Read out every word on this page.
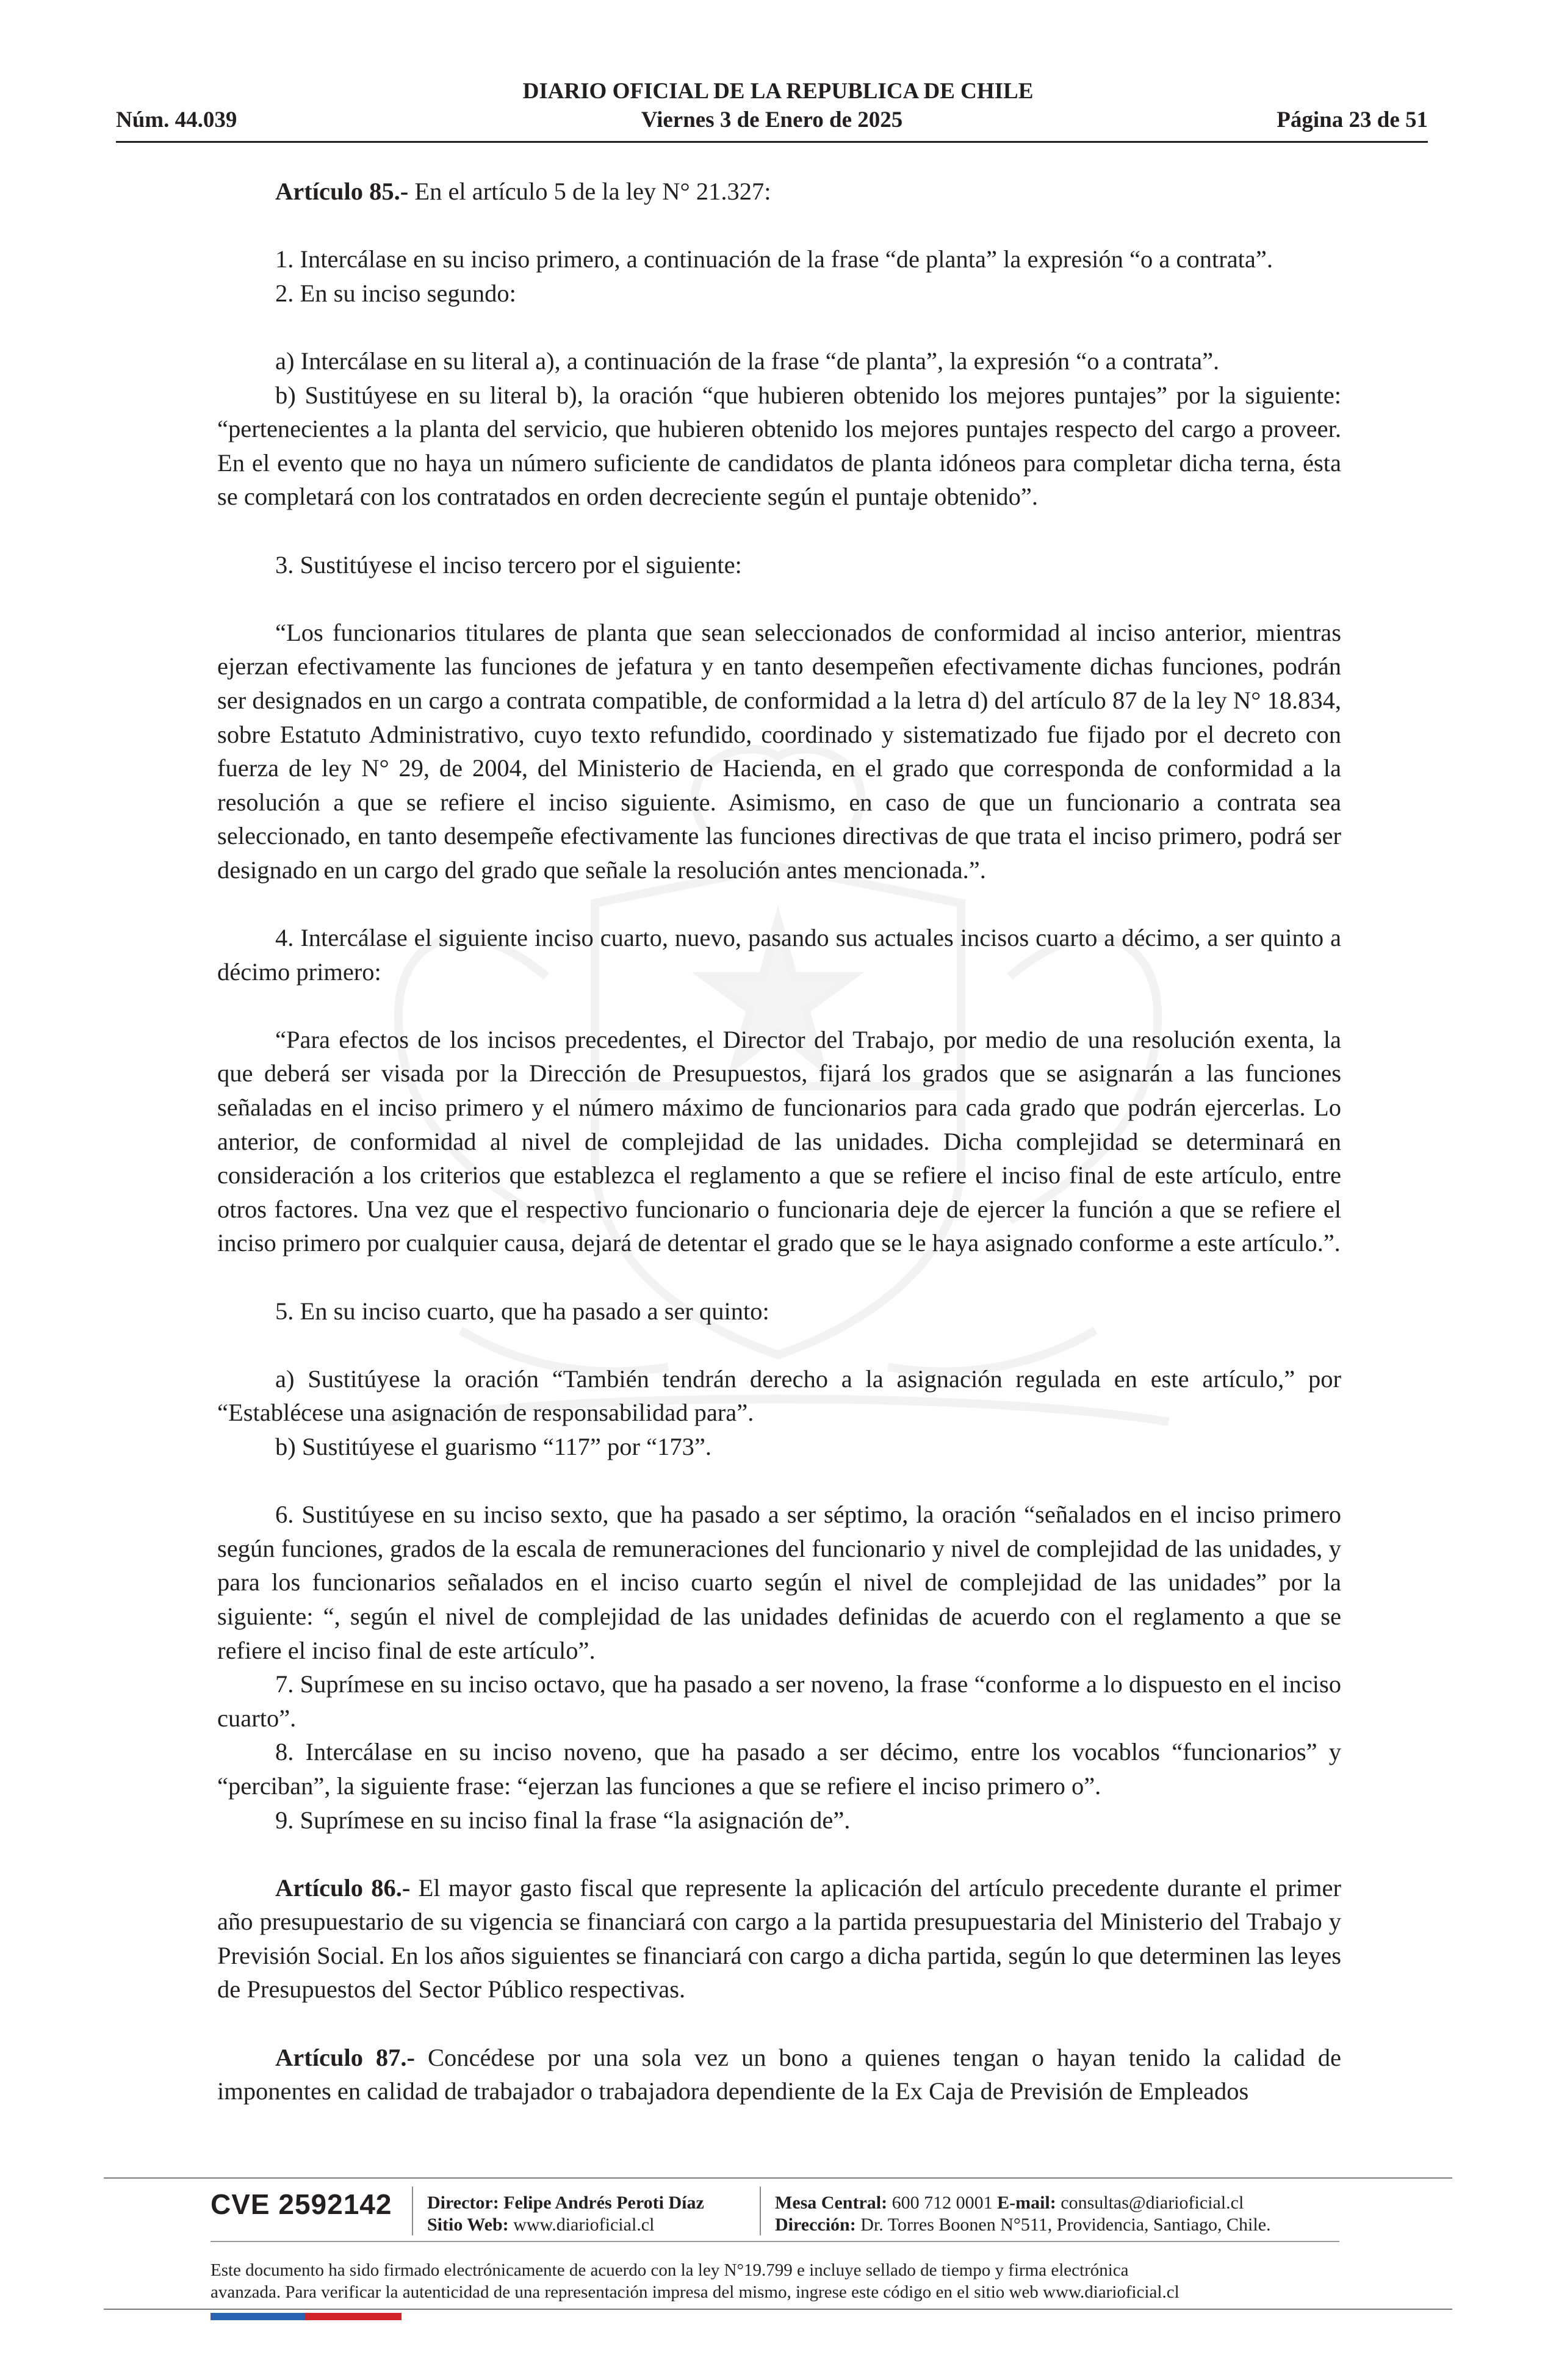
DIARIO OFICIAL DE LA REPUBLICA DE CHILE
Núm. 44.039	Viernes 3 de Enero de 2025	Página 23 de 51

Artículo 85.- En el artículo 5 de la ley N° 21.327:

1. Intercálase en su inciso primero, a continuación de la frase “de planta” la expresión “o a contrata”.

2. En su inciso segundo:

a) Intercálase en su literal a), a continuación de la frase “de planta”, la expresión “o a contrata”.

b) Sustitúyese en su literal b), la oración “que hubieren obtenido los mejores puntajes” por la siguiente: “pertenecientes a la planta del servicio, que hubieren obtenido los mejores puntajes respecto del cargo a proveer. En el evento que no haya un número suficiente de candidatos de planta idóneos para completar dicha terna, ésta se completará con los contratados en orden decreciente según el puntaje obtenido”.

3. Sustitúyese el inciso tercero por el siguiente:

“Los funcionarios titulares de planta que sean seleccionados de conformidad al inciso anterior, mientras ejerzan efectivamente las funciones de jefatura y en tanto desempeñen efectivamente dichas funciones, podrán ser designados en un cargo a contrata compatible, de conformidad a la letra d) del artículo 87 de la ley N° 18.834, sobre Estatuto Administrativo, cuyo texto refundido, coordinado y sistematizado fue fijado por el decreto con fuerza de ley N° 29, de 2004, del Ministerio de Hacienda, en el grado que corresponda de conformidad a la resolución a que se refiere el inciso siguiente. Asimismo, en caso de que un funcionario a contrata sea seleccionado, en tanto desempeñe efectivamente las funciones directivas de que trata el inciso primero, podrá ser designado en un cargo del grado que señale la resolución antes mencionada.”.

4. Intercálase el siguiente inciso cuarto, nuevo, pasando sus actuales incisos cuarto a décimo, a ser quinto a décimo primero:

“Para efectos de los incisos precedentes, el Director del Trabajo, por medio de una resolución exenta, la que deberá ser visada por la Dirección de Presupuestos, fijará los grados que se asignarán a las funciones señaladas en el inciso primero y el número máximo de funcionarios para cada grado que podrán ejercerlas. Lo anterior, de conformidad al nivel de complejidad de las unidades. Dicha complejidad se determinará en consideración a los criterios que establezca el reglamento a que se refiere el inciso final de este artículo, entre otros factores. Una vez que el respectivo funcionario o funcionaria deje de ejercer la función a que se refiere el inciso primero por cualquier causa, dejará de detentar el grado que se le haya asignado conforme a este artículo.”.

5. En su inciso cuarto, que ha pasado a ser quinto:

a) Sustitúyese la oración “También tendrán derecho a la asignación regulada en este artículo,” por “Establécese una asignación de responsabilidad para”.

b) Sustitúyese el guarismo “117” por “173”.

6. Sustitúyese en su inciso sexto, que ha pasado a ser séptimo, la oración “señalados en el inciso primero según funciones, grados de la escala de remuneraciones del funcionario y nivel de complejidad de las unidades, y para los funcionarios señalados en el inciso cuarto según el nivel de complejidad de las unidades” por la siguiente: “, según el nivel de complejidad de las unidades definidas de acuerdo con el reglamento a que se refiere el inciso final de este artículo”.

7. Suprímese en su inciso octavo, que ha pasado a ser noveno, la frase “conforme a lo dispuesto en el inciso cuarto”.

8. Intercálase en su inciso noveno, que ha pasado a ser décimo, entre los vocablos “funcionarios” y “perciban”, la siguiente frase: “ejerzan las funciones a que se refiere el inciso primero o”.

9. Suprímese en su inciso final la frase “la asignación de”.

Artículo 86.- El mayor gasto fiscal que represente la aplicación del artículo precedente durante el primer año presupuestario de su vigencia se financiará con cargo a la partida presupuestaria del Ministerio del Trabajo y Previsión Social. En los años siguientes se financiará con cargo a dicha partida, según lo que determinen las leyes de Presupuestos del Sector Público respectivas.

Artículo 87.- Concédese por una sola vez un bono a quienes tengan o hayan tenido la calidad de imponentes en calidad de trabajador o trabajadora dependiente de la Ex Caja de Previsión de Empleados

CVE 2592142 Director: Felipe Andrés Peroti Díaz
Sitio Web: www.diarioficial.cl
Mesa Central: 600 712 0001 E-mail: consultas@diarioficial.cl
Dirección: Dr. Torres Boonen N°511, Providencia, Santiago, Chile.
Este documento ha sido firmado electrónicamente de acuerdo con la ley N°19.799 e incluye sellado de tiempo y firma electrónica
avanzada. Para verificar la autenticidad de una representación impresa del mismo, ingrese este código en el sitio web www.diarioficial.cl
